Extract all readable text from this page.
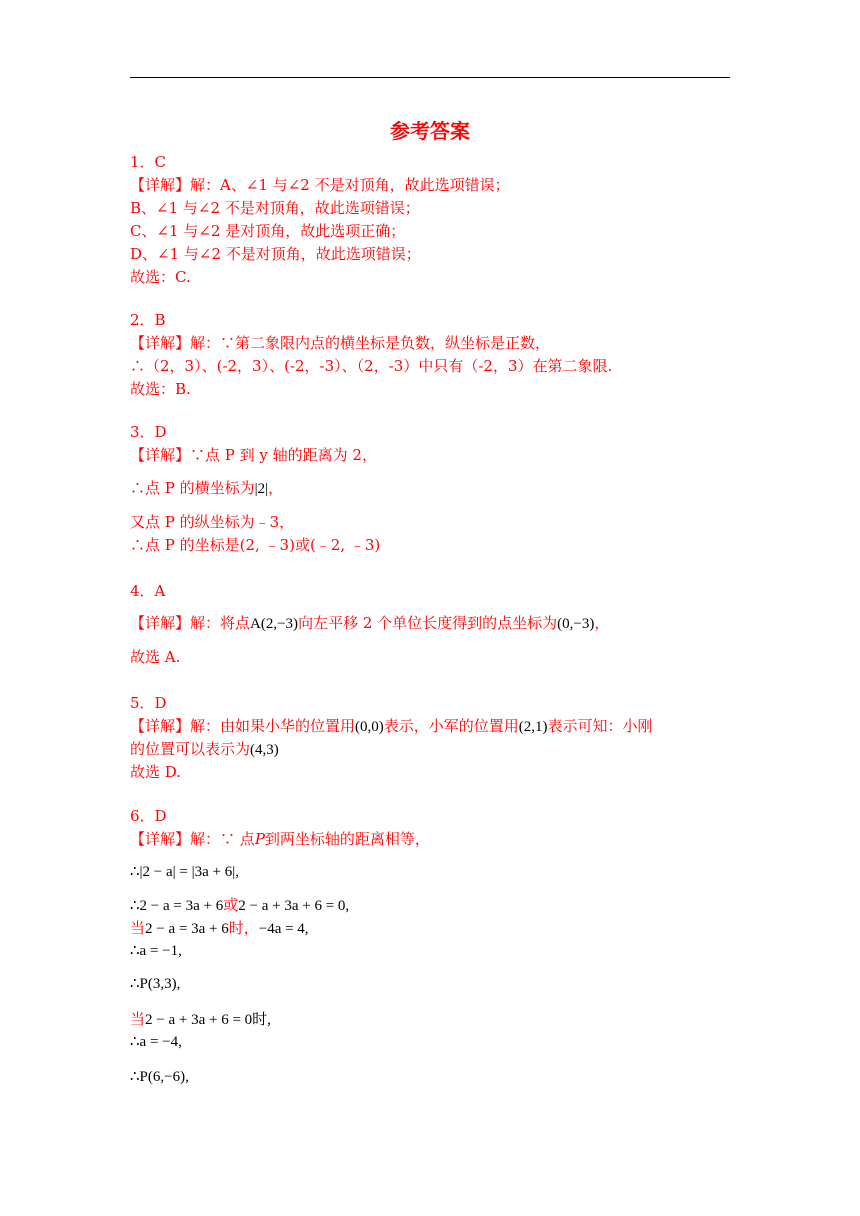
参考答案
1．C
【详解】解：A、∠1 与∠2 不是对顶角，故此选项错误；
B、∠1 与∠2 不是对顶角，故此选项错误；
C、∠1 与∠2 是对顶角，故此选项正确；
D、∠1 与∠2 不是对顶角，故此选项错误；
故选：C.
2．B
【详解】解：∵第二象限内点的横坐标是负数，纵坐标是正数，
∴（2，3）、(-2，3）、(-2，-3）、（2，-3）中只有（-2，3）在第二象限.
故选：B.
3．D
【详解】∵点 P 到 y 轴的距离为 2，
∴点 P 的横坐标为|2|，
又点 P 的纵坐标为﹣3，
∴点 P 的坐标是(2, ﹣3)或(﹣2, ﹣3)
4．A
【详解】解：将点A(2,−3)向左平移 2 个单位长度得到的点坐标为(0,−3)，
故选 A.
5．D
【详解】解：由如果小华的位置用(0,0)表示，小军的位置用(2,1)表示可知：小刚
的位置可以表示为(4,3)
故选 D.
6．D
【详解】解：∵ 点P到两坐标轴的距离相等，
∴|2 − a| = |3a + 6|,
∴2 − a = 3a + 6或2 − a + 3a + 6 = 0,
当2 − a = 3a + 6时，−4a = 4,
∴a = −1,
∴P(3,3),
当2 − a + 3a + 6 = 0时,
∴a = −4,
∴P(6,−6),
